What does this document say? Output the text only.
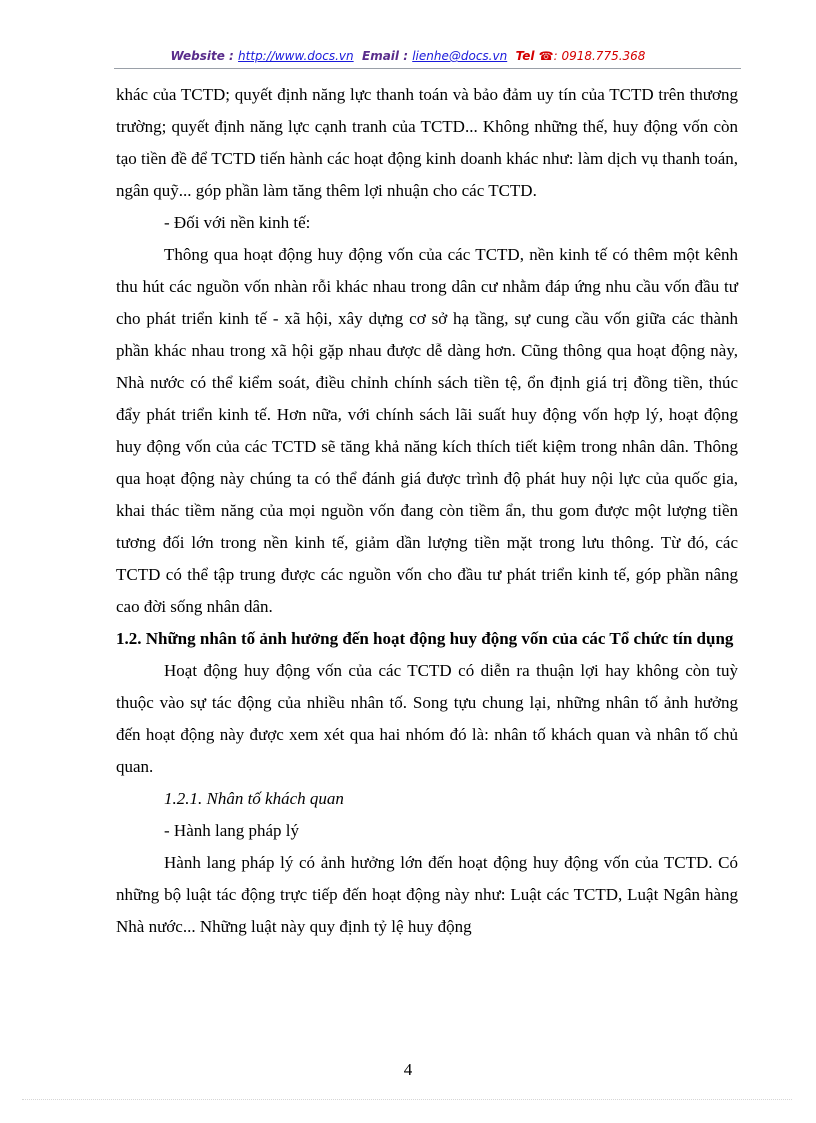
Website : http://www.docs.vn Email : lienhe@docs.vn Tel ☎: 0918.775.368

khác của TCTD; quyết định năng lực thanh toán và bảo đảm uy tín của TCTD trên thương trường; quyết định năng lực cạnh tranh của TCTD... Không những thế, huy động vốn còn tạo tiền đề để TCTD tiến hành các hoạt động kinh doanh khác như: làm dịch vụ thanh toán, ngân quỹ... góp phần làm tăng thêm lợi nhuận cho các TCTD.

- Đối với nền kinh tế:

Thông qua hoạt động huy động vốn của các TCTD, nền kinh tế có thêm một kênh thu hút các nguồn vốn nhàn rỗi khác nhau trong dân cư nhằm đáp ứng nhu cầu vốn đầu tư cho phát triển kinh tế - xã hội, xây dựng cơ sở hạ tầng, sự cung cầu vốn giữa các thành phần khác nhau trong xã hội gặp nhau được dễ dàng hơn. Cũng thông qua hoạt động này, Nhà nước có thể kiểm soát, điều chỉnh chính sách tiền tệ, ổn định giá trị đồng tiền, thúc đẩy phát triển kinh tế. Hơn nữa, với chính sách lãi suất huy động vốn hợp lý, hoạt động huy động vốn của các TCTD sẽ tăng khả năng kích thích tiết kiệm trong nhân dân. Thông qua hoạt động này chúng ta có thể đánh giá được trình độ phát huy nội lực của quốc gia, khai thác tiềm năng của mọi nguồn vốn đang còn tiềm ẩn, thu gom được một lượng tiền tương đối lớn trong nền kinh tế, giảm dần lượng tiền mặt trong lưu thông. Từ đó, các TCTD có thể tập trung được các nguồn vốn cho đầu tư phát triển kinh tế, góp phần nâng cao đời sống nhân dân.

1.2. Những nhân tố ảnh hưởng đến hoạt động huy động vốn của các Tổ chức tín dụng

Hoạt động huy động vốn của các TCTD có diễn ra thuận lợi hay không còn tuỳ thuộc vào sự tác động của nhiều nhân tố. Song tựu chung lại, những nhân tố ảnh hưởng đến hoạt động này được xem xét qua hai nhóm đó là: nhân tố khách quan và nhân tố chủ quan.

1.2.1. Nhân tố khách quan

- Hành lang pháp lý

Hành lang pháp lý có ảnh hưởng lớn đến hoạt động huy động vốn của TCTD. Có những bộ luật tác động trực tiếp đến hoạt động này như: Luật các TCTD, Luật Ngân hàng Nhà nước... Những luật này quy định tỷ lệ huy động

4
